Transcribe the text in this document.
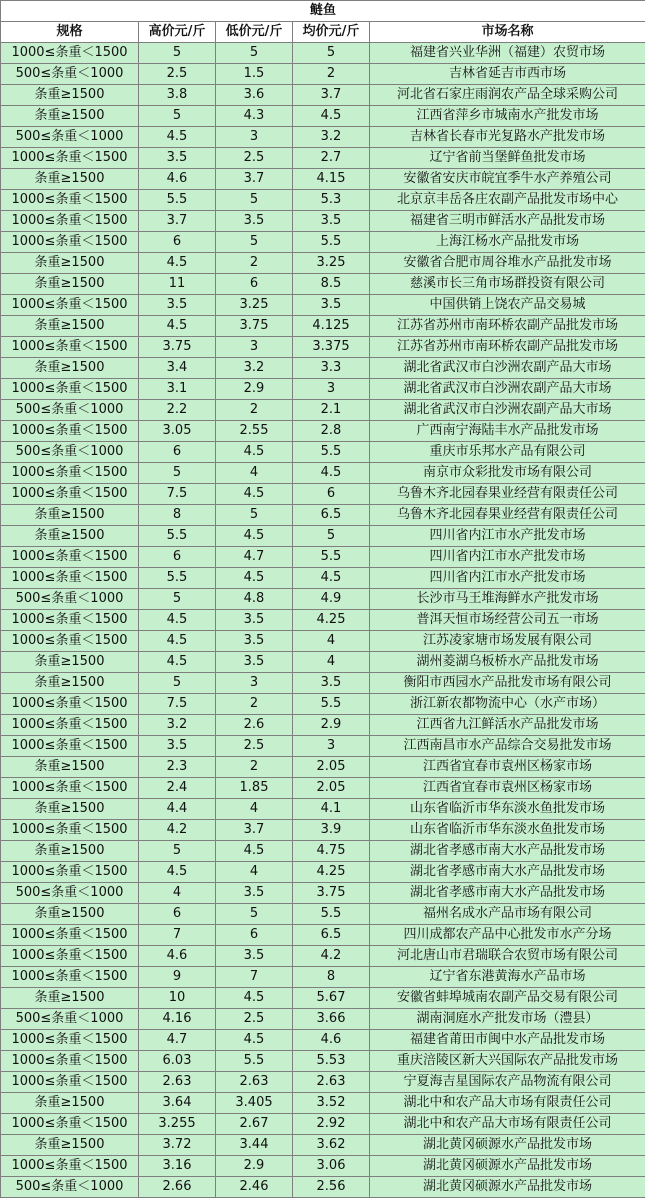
鲢鱼				
规格	高价元/斤	低价元/斤	均价元/斤	市场名称
1000≤条重＜1500	5	5	5	福建省兴业华洲（福建）农贸市场
500≤条重＜1000	2.5	1.5	2	吉林省延吉市西市场
条重≥1500	3.8	3.6	3.7	河北省石家庄雨润农产品全球采购公司
条重≥1500	5	4.3	4.5	江西省萍乡市城南水产批发市场
500≤条重＜1000	4.5	3	3.2	吉林省长春市光复路水产批发市场
1000≤条重＜1500	3.5	2.5	2.7	辽宁省前当堡鲜鱼批发市场
条重≥1500	4.6	3.7	4.15	安徽省安庆市皖宜季牛水产养殖公司
1000≤条重＜1500	5.5	5	5.3	北京京丰岳各庄农副产品批发市场中心
1000≤条重＜1500	3.7	3.5	3.5	福建省三明市鲜活水产品批发市场
1000≤条重＜1500	6	5	5.5	上海江杨水产品批发市场
条重≥1500	4.5	2	3.25	安徽省合肥市周谷堆水产品批发市场
条重≥1500	11	6	8.5	慈溪市长三角市场群投资有限公司
1000≤条重＜1500	3.5	3.25	3.5	中国供销上饶农产品交易城
条重≥1500	4.5	3.75	4.125	江苏省苏州市南环桥农副产品批发市场
1000≤条重＜1500	3.75	3	3.375	江苏省苏州市南环桥农副产品批发市场
条重≥1500	3.4	3.2	3.3	湖北省武汉市白沙洲农副产品大市场
1000≤条重＜1500	3.1	2.9	3	湖北省武汉市白沙洲农副产品大市场
500≤条重＜1000	2.2	2	2.1	湖北省武汉市白沙洲农副产品大市场
1000≤条重＜1500	3.05	2.55	2.8	广西南宁海陆丰水产品批发市场
500≤条重＜1000	6	4.5	5.5	重庆市乐邦水产品有限公司
1000≤条重＜1500	5	4	4.5	南京市众彩批发市场有限公司
1000≤条重＜1500	7.5	4.5	6	乌鲁木齐北园春果业经营有限责任公司
条重≥1500	8	5	6.5	乌鲁木齐北园春果业经营有限责任公司
条重≥1500	5.5	4.5	5	四川省内江市水产批发市场
1000≤条重＜1500	6	4.7	5.5	四川省内江市水产批发市场
1000≤条重＜1500	5.5	4.5	4.5	四川省内江市水产批发市场
500≤条重＜1000	5	4.8	4.9	长沙市马王堆海鲜水产批发市场
1000≤条重＜1500	4.5	3.5	4.25	普洱天恒市场经营公司五一市场
1000≤条重＜1500	4.5	3.5	4	江苏凌家塘市场发展有限公司
条重≥1500	4.5	3.5	4	湖州菱湖乌板桥水产品批发市场
条重≥1500	5	3	3.5	衡阳市西园水产品批发市场有限公司
1000≤条重＜1500	7.5	2	5.5	浙江新农都物流中心（水产市场）
1000≤条重＜1500	3.2	2.6	2.9	江西省九江鲜活水产品批发市场
1000≤条重＜1500	3.5	2.5	3	江西南昌市水产品综合交易批发市场
条重≥1500	2.3	2	2.05	江西省宜春市袁州区杨家市场
1000≤条重＜1500	2.4	1.85	2.05	江西省宜春市袁州区杨家市场
条重≥1500	4.4	4	4.1	山东省临沂市华东淡水鱼批发市场
1000≤条重＜1500	4.2	3.7	3.9	山东省临沂市华东淡水鱼批发市场
条重≥1500	5	4.5	4.75	湖北省孝感市南大水产品批发市场
1000≤条重＜1500	4.5	4	4.25	湖北省孝感市南大水产品批发市场
500≤条重＜1000	4	3.5	3.75	湖北省孝感市南大水产品批发市场
条重≥1500	6	5	5.5	福州名成水产品市场有限公司
1000≤条重＜1500	7	6	6.5	四川成都农产品中心批发市水产分场
1000≤条重＜1500	4.6	3.5	4.2	河北唐山市君瑞联合农贸市场有限公司
1000≤条重＜1500	9	7	8	辽宁省东港黄海水产品市场
条重≥1500	10	4.5	5.67	安徽省蚌埠城南农副产品交易有限公司
500≤条重＜1000	4.16	2.5	3.66	湖南洞庭水产批发市场（澧县）
1000≤条重＜1500	4.7	4.5	4.6	福建省莆田市闽中水产品批发市场
1000≤条重＜1500	6.03	5.5	5.53	重庆涪陵区新大兴国际农产品批发市场
1000≤条重＜1500	2.63	2.63	2.63	宁夏海吉星国际农产品物流有限公司
条重≥1500	3.64	3.405	3.52	湖北中和农产品大市场有限责任公司
1000≤条重＜1500	3.255	2.67	2.92	湖北中和农产品大市场有限责任公司
条重≥1500	3.72	3.44	3.62	湖北黄冈硕源水产品批发市场
1000≤条重＜1500	3.16	2.9	3.06	湖北黄冈硕源水产品批发市场
500≤条重＜1000	2.66	2.46	2.56	湖北黄冈硕源水产品批发市场
